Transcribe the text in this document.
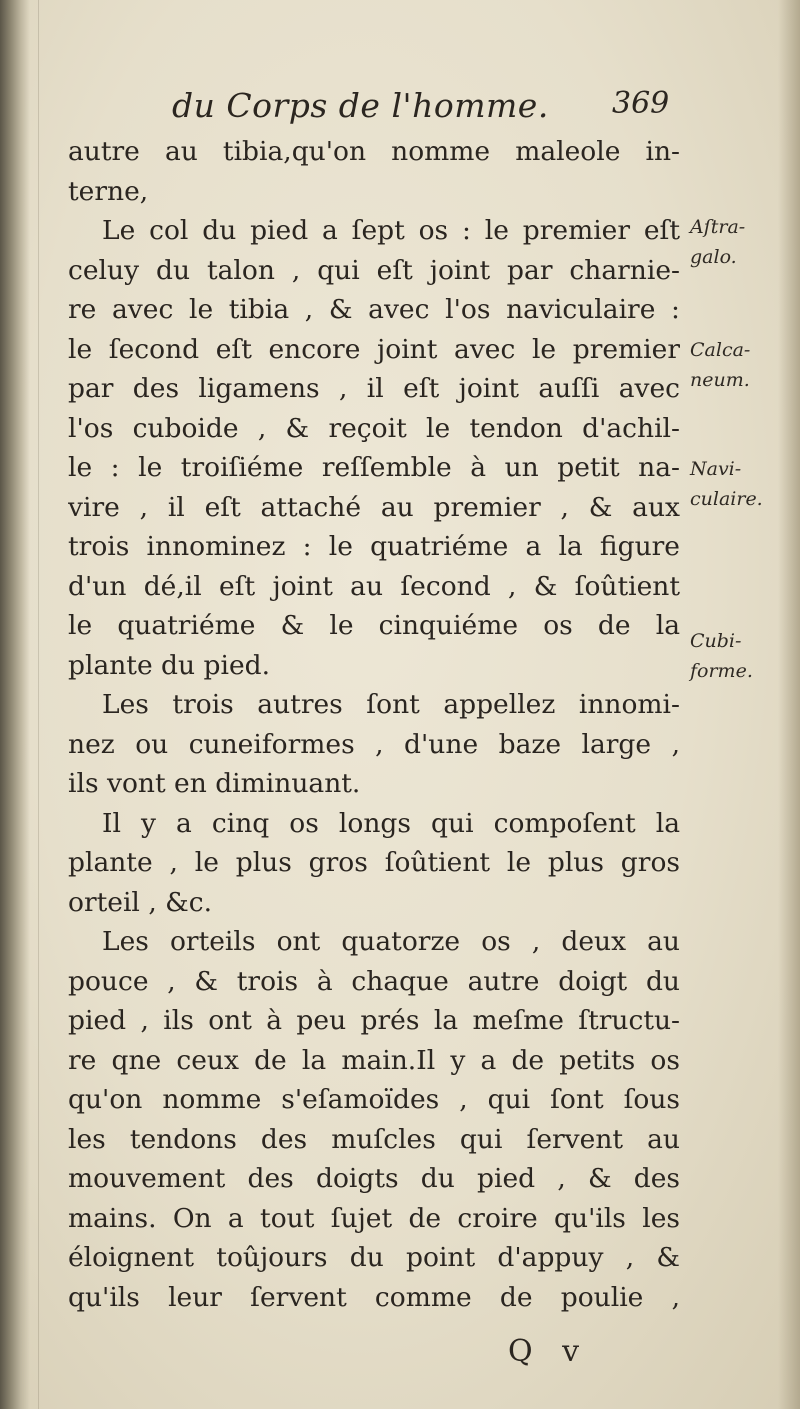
du Corps de l'homme. 369
autre au tibia,qu'on nomme maleole in-
terne,
Le col du pied a ſept os : le premier eſt
celuy du talon , qui eſt joint par charnie-
re avec le tibia , & avec l'os naviculaire :
le ſecond eſt encore joint avec le premier
par des ligamens , il eſt joint auſſi avec
l'os cuboide , & reçoit le tendon d'achil-
le : le troiſiéme reſſemble à un petit na-
vire , il eſt attaché au premier , & aux
trois innominez : le quatriéme a la figure
d'un dé,il eſt joint au ſecond , & ſoûtient
le quatriéme & le cinquiéme os de la
plante du pied.
Les trois autres ſont appellez innomi-
nez ou cuneiformes , d'une baze large ,
ils vont en diminuant.
Il y a cinq os longs qui compoſent la
plante , le plus gros ſoûtient le plus gros
orteil , &c.
Les orteils ont quatorze os , deux au
pouce , & trois à chaque autre doigt du
pied , ils ont à peu prés la meſme ſtructu-
re qne ceux de la main.Il y a de petits os
qu'on nomme s'eſamoïdes , qui ſont ſous
les tendons des muſcles qui ſervent au
mouvement des doigts du pied , & des
mains. On a tout ſujet de croire qu'ils les
éloignent toûjours du point d'appuy , &
qu'ils leur ſervent comme de poulie ,
Aſtra-
galo.
Calca-
neum.
Navi-
culaire.
Cubi-
forme.
Q v
